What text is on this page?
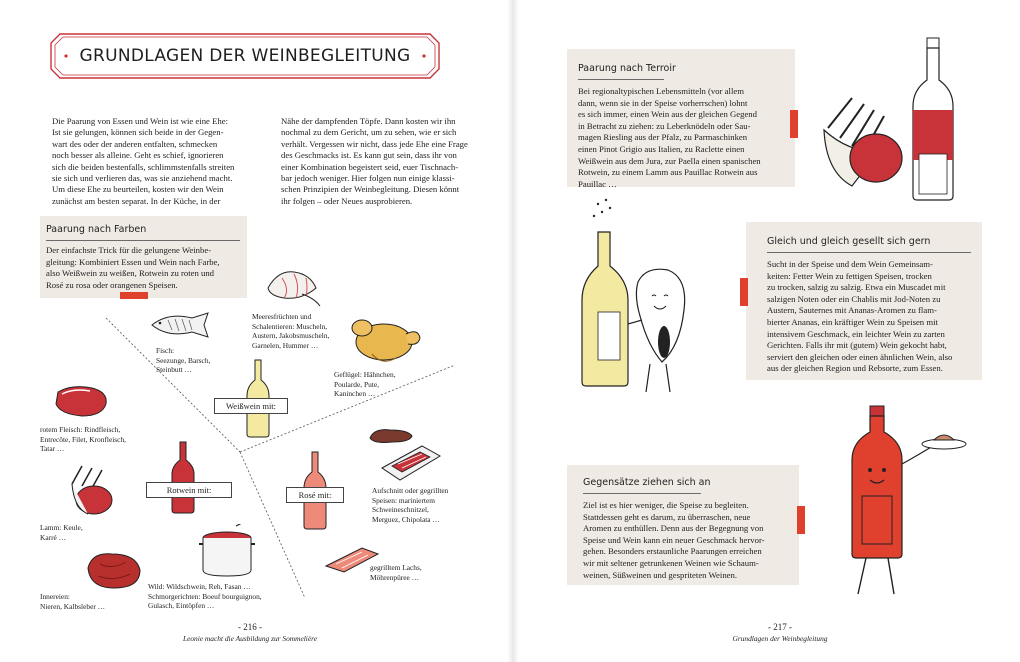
GRUNDLAGEN DER WEINBEGLEITUNG
Die Paarung von Essen und Wein ist wie eine Ehe:
Ist sie gelungen, können sich beide in der Gegen-
wart des oder der anderen entfalten, schmecken
noch besser als alleine. Geht es schief, ignorieren
sich die beiden bestenfalls, schlimmstenfalls streiten
sie sich und verlieren das, was sie anziehend macht.
Um diese Ehe zu beurteilen, kosten wir den Wein
zunächst am besten separat. In der Küche, in der
Nähe der dampfenden Töpfe. Dann kosten wir ihn
nochmal zu dem Gericht, um zu sehen, wie er sich
verhält. Vergessen wir nicht, dass jede Ehe eine Frage
des Geschmacks ist. Es kann gut sein, dass ihr von
einer Kombination begeistert seid, euer Tischnach-
bar jedoch weniger. Hier folgen nun einige klassi-
schen Prinzipien der Weinbegleitung. Diesen könnt
ihr folgen – oder Neues ausprobieren.
Paarung nach Farben
Der einfachste Trick für die gelungene Weinbe-
gleitung: Kombiniert Essen und Wein nach Farbe,
also Weißwein zu weißen, Rotwein zu roten und
Rosé zu rosa oder orangenen Speisen.
Weißwein mit:
Rotwein mit:	Rosé mit:
Fisch:
Seezunge, Barsch,
Steinbutt …
Meeresfrüchten und
Schalentieren: Muscheln,
Austern, Jakobsmuscheln,
Garnelen, Hummer …
Geflügel: Hähnchen,
Poularde, Pute,
Kaninchen …
rotem Fleisch: Rindfleisch,
Entrecôte, Filet, Kronfleisch,
Tatar …
Lamm: Keule,
Karré …
Innereien:
Nieren, Kalbsleber …
Wild: Wildschwein, Reh, Fasan …
Schmorgerichten: Boeuf bourguignon,
Gulasch, Eintöpfen …
Aufschnitt oder gegrillten
Speisen: mariniertem
Schweineschnitzel,
Merguez, Chipolata …
gegrilltem Lachs,
Möhrenpüree …
- 216 -
Leonie macht die Ausbildung zur Sommelière
Paarung nach Terroir
Bei regionaltypischen Lebensmitteln (vor allem
dann, wenn sie in der Speise vorherrschen) lohnt
es sich immer, einen Wein aus der gleichen Gegend
in Betracht zu ziehen: zu Leberknödeln oder Sau-
magen Riesling aus der Pfalz, zu Parmaschinken
einen Pinot Grigio aus Italien, zu Raclette einen
Weißwein aus dem Jura, zur Paella einen spanischen
Rotwein, zu einem Lamm aus Pauillac Rotwein aus
Pauillac …
Gleich und gleich gesellt sich gern
Sucht in der Speise und dem Wein Gemeinsam-
keiten: Fetter Wein zu fettigen Speisen, trocken
zu trocken, salzig zu salzig. Etwa ein Muscadet mit
salzigen Noten oder ein Chablis mit Jod-Noten zu
Austern, Sauternes mit Ananas-Aromen zu flam-
bierter Ananas, ein kräftiger Wein zu Speisen mit
intensivem Geschmack, ein leichter Wein zu zarten
Gerichten. Falls ihr mit (gutem) Wein gekocht habt,
serviert den gleichen oder einen ähnlichen Wein, also
aus der gleichen Region und Rebsorte, zum Essen.
Gegensätze ziehen sich an
Ziel ist es hier weniger, die Speise zu begleiten.
Stattdessen geht es darum, zu überraschen, neue
Aromen zu enthüllen. Denn aus der Begegnung von
Speise und Wein kann ein neuer Geschmack hervor-
gehen. Besonders erstaunliche Paarungen erreichen
wir mit seltener getrunkenen Weinen wie Schaum-
weinen, Süßweinen und gespriteten Weinen.
- 217 -
Grundlagen der Weinbegleitung
